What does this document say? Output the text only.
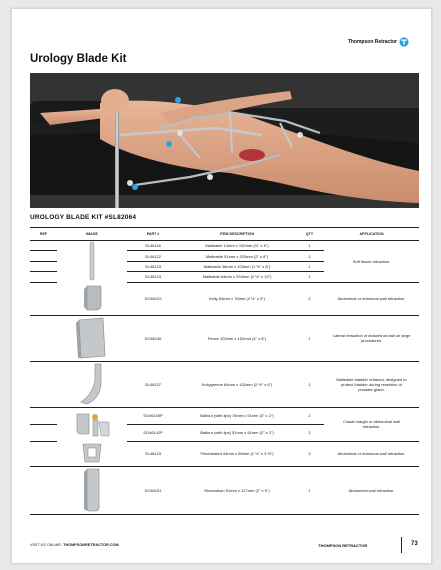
Thompson Retractor
Urology Blade Kit
UROLOGY BLADE KIT #SL82064
REF	IMAGE	PART #	ITEM DESCRIPTION	QTY	APPLICATION
		SL46116	Malleable 13mm x 152mm (½" x 6")	1	Soft tissue retraction.
		SL46122	Malleable 51mm x 203mm (2" x 8")	1	
		SL46123	Malleable 38mm x 203mm (1 ½" x 8")	1	
		SL46124	Malleable 64mm x 254mm (2 ½" x 10")	1	
		SO46129	Kelly 64mm x 76mm (2 ½" x 3")	2	Abdominal or incisional wall retraction.
		SO46136	Fence 102mm x 152mm (4" x 6")	1	Lateral retraction of abdominal wall on large procedures.
		SL46137	Hollygreeve 64mm x 152mm (2 ½" x 6")	1	Malleable bladder retractor, designed to protect bladder during resection of prostate gland.
		SO46140P	Balfour (with lips) 76mm x 51mm (3" x 2")	2	Costal margin or abdominal wall retraction.
		SO46142P	Balfour (with lips) 51mm x 51mm (2" x 2")	2	
		SL46143	Fenestrated 44mm x 89mm (1 ¾" x 3 ½")	2	Abdominal or incisional wall retraction.
		SO46151	Richardson 51mm x 127mm (2" x 5")	1	Abdominal wall retraction.
VISIT US ONLINE: THOMPSONRETRACTOR.COM	THOMPSON RETRACTOR	73
